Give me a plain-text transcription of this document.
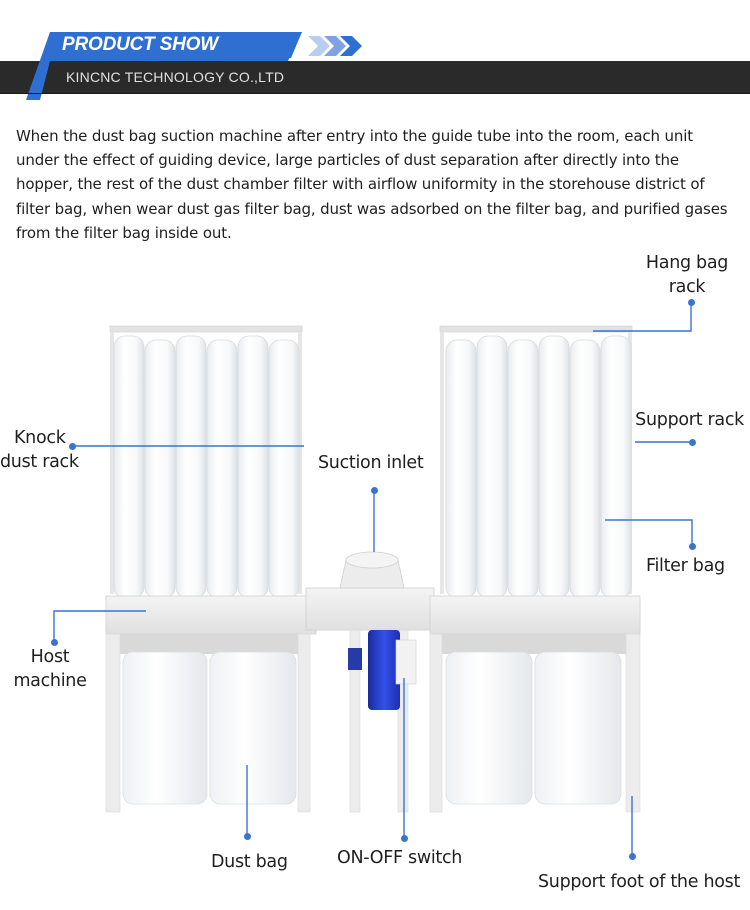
PRODUCT SHOW
KINCNC TECHNOLOGY CO.,LTD

When the dust bag suction machine after entry into the guide tube into the room, each unit under the effect of guiding device, large particles of dust separation after directly into the hopper, the rest of the dust chamber filter with airflow uniformity in the storehouse district of filter bag, when wear dust gas filter bag, dust was adsorbed on the filter bag, and purified gases from the filter bag inside out.

Hang bag
rack
Knock
dust rack	Suction inlet
Support rack
Filter bag
Host
machine
Dust bag	ON-OFF switch
Support foot of the host
